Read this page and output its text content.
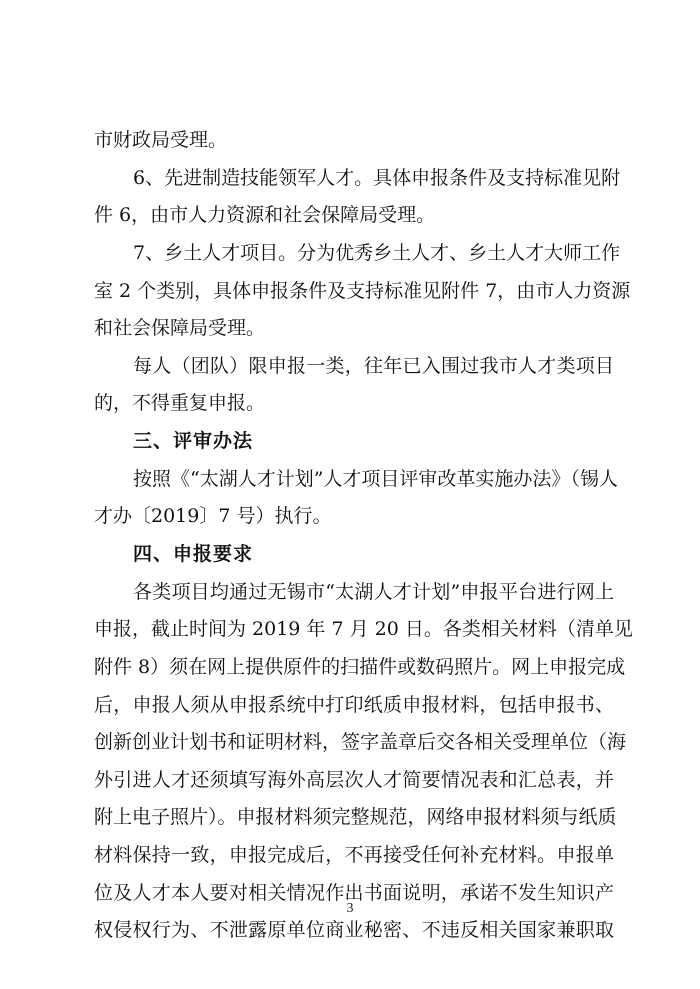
市财政局受理。
6、先进制造技能领军人才。具体申报条件及支持标准见附
件 6，由市人力资源和社会保障局受理。
7、乡土人才项目。分为优秀乡土人才、乡土人才大师工作
室 2 个类别，具体申报条件及支持标准见附件 7，由市人力资源
和社会保障局受理。
每人（团队）限申报一类，往年已入围过我市人才类项目
的，不得重复申报。
三、评审办法
按照《“太湖人才计划”人才项目评审改革实施办法》（锡人
才办〔2019〕7 号）执行。
四、申报要求
各类项目均通过无锡市“太湖人才计划”申报平台进行网上
申报，截止时间为 2019 年 7 月 20 日。各类相关材料（清单见
附件 8）须在网上提供原件的扫描件或数码照片。网上申报完成
后，申报人须从申报系统中打印纸质申报材料，包括申报书、
创新创业计划书和证明材料，签字盖章后交各相关受理单位（海
外引进人才还须填写海外高层次人才简要情况表和汇总表，并
附上电子照片）。申报材料须完整规范，网络申报材料须与纸质
材料保持一致，申报完成后，不再接受任何补充材料。申报单
位及人才本人要对相关情况作出书面说明，承诺不发生知识产
权侵权行为、不泄露原单位商业秘密、不违反相关国家兼职取
3
